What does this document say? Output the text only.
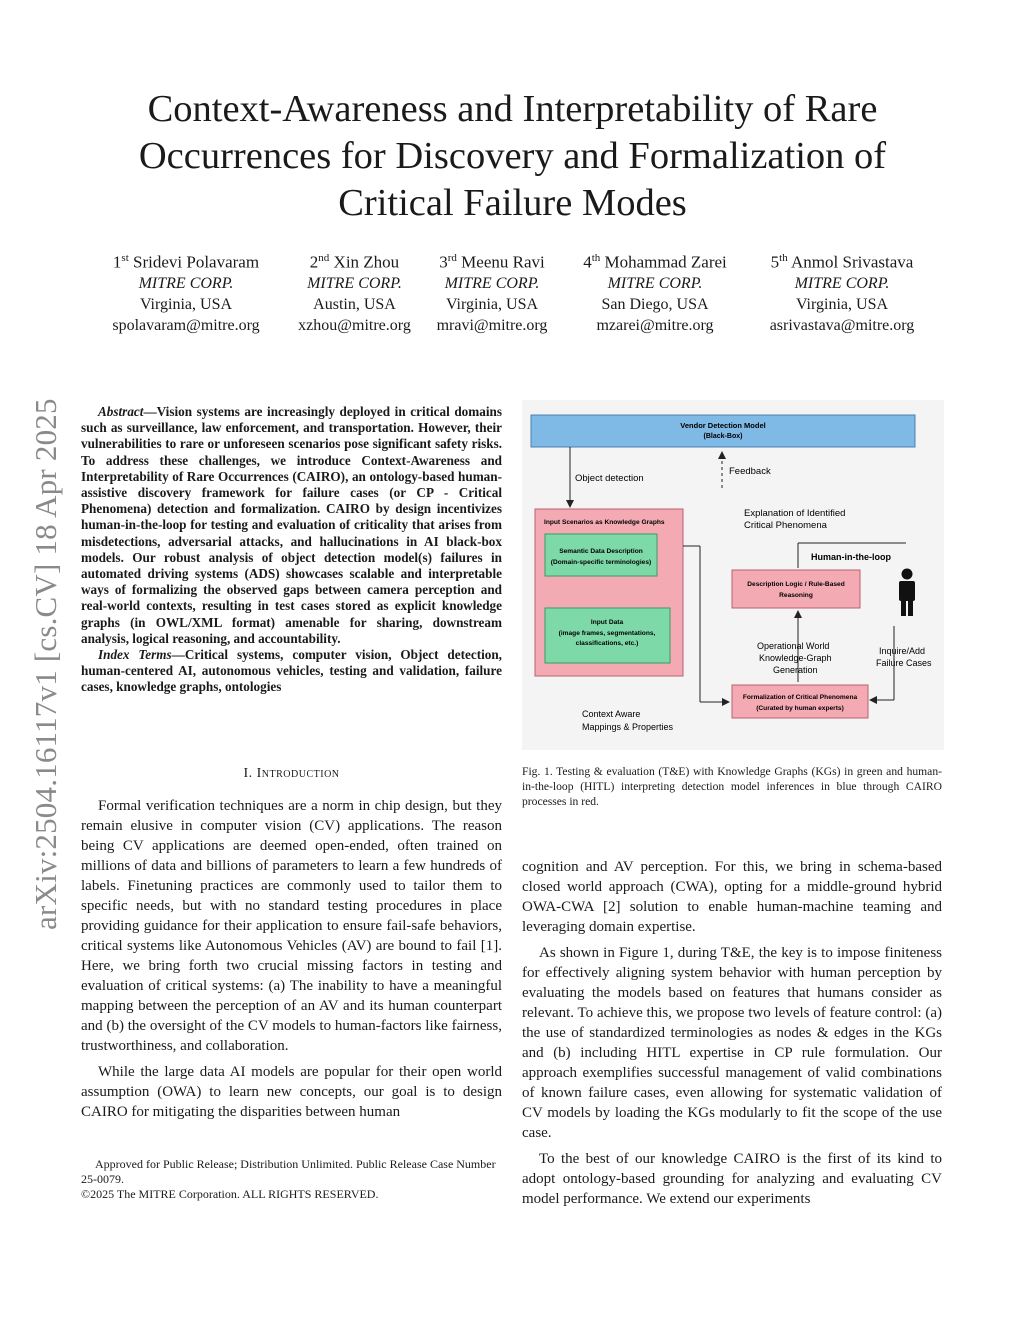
arXiv:2504.16117v1 [cs.CV] 18 Apr 2025
Context-Awareness and Interpretability of Rare
Occurrences for Discovery and Formalization of
Critical Failure Modes
1st Sridevi Polavaram
MITRE CORP.
Virginia, USA
spolavaram@mitre.org
2nd Xin Zhou
MITRE CORP.
Austin, USA
xzhou@mitre.org
3rd Meenu Ravi
MITRE CORP.
Virginia, USA
mravi@mitre.org
4th Mohammad Zarei
MITRE CORP.
San Diego, USA
mzarei@mitre.org
5th Anmol Srivastava
MITRE CORP.
Virginia, USA
asrivastava@mitre.org

Abstract—Vision systems are increasingly deployed in critical domains such as surveillance, law enforcement, and transportation. However, their vulnerabilities to rare or unforeseen scenarios pose significant safety risks. To address these challenges, we introduce Context-Awareness and Interpretability of Rare Occurrences (CAIRO), an ontology-based human-assistive discovery framework for failure cases (or CP - Critical Phenomena) detection and formalization. CAIRO by design incentivizes human-in-the-loop for testing and evaluation of criticality that arises from misdetections, adversarial attacks, and hallucinations in AI black-box models. Our robust analysis of object detection model(s) failures in automated driving systems (ADS) showcases scalable and interpretable ways of formalizing the observed gaps between camera perception and real-world contexts, resulting in test cases stored as explicit knowledge graphs (in OWL/XML format) amenable for sharing, downstream analysis, logical reasoning, and accountability.

Index Terms—Critical systems, computer vision, Object detection, human-centered AI, autonomous vehicles, testing and validation, failure cases, knowledge graphs, ontologies

I. Introduction

Formal verification techniques are a norm in chip design, but they remain elusive in computer vision (CV) applications. The reason being CV applications are deemed open-ended, often trained on millions of data and billions of parameters to learn a few hundreds of labels. Finetuning practices are commonly used to tailor them to specific needs, but with no standard testing procedures in place providing guidance for their application to ensure fail-safe behaviors, critical systems like Autonomous Vehicles (AV) are bound to fail [1]. Here, we bring forth two crucial missing factors in testing and evaluation of critical systems: (a) The inability to have a meaningful mapping between the perception of an AV and its human counterpart and (b) the oversight of the CV models to human-factors like fairness, trustworthiness, and collaboration.

While the large data AI models are popular for their open world assumption (OWA) to learn new concepts, our goal is to design CAIRO for mitigating the disparities between human

Approved for Public Release; Distribution Unlimited. Public Release Case Number 25-0079.

©2025 The MITRE Corporation. ALL RIGHTS RESERVED.

Vendor Detection Model
(Black-Box)
Object detection
Feedback
Input Scenarios as Knowledge Graphs
Semantic Data Description
(Domain-specific terminologies)
Input Data
(image frames, segmentations,
classifications, etc.)
Explanation of Identified
Critical Phenomena
Human-in-the-loop
Description Logic / Rule-Based
Reasoning
Operational World
Knowledge-Graph
Generation
Inquire/Add
Failure Cases
Formalization of Critical Phenomena
(Curated by human experts)
Context Aware
Mappings & Properties
Fig. 1. Testing & evaluation (T&E) with Knowledge Graphs (KGs) in green and human-in-the-loop (HITL) interpreting detection model inferences in blue through CAIRO processes in red.

cognition and AV perception. For this, we bring in schema-based closed world approach (CWA), opting for a middle-ground hybrid OWA-CWA [2] solution to enable human-machine teaming and leveraging domain expertise.

As shown in Figure 1, during T&E, the key is to impose finiteness for effectively aligning system behavior with human perception by evaluating the models based on features that humans consider as relevant. To achieve this, we propose two levels of feature control: (a) the use of standardized terminologies as nodes & edges in the KGs and (b) including HITL expertise in CP rule formulation. Our approach exemplifies successful management of valid combinations of known failure cases, even allowing for systematic validation of CV models by loading the KGs modularly to fit the scope of the use case.

To the best of our knowledge CAIRO is the first of its kind to adopt ontology-based grounding for analyzing and evaluating CV model performance. We extend our experiments
